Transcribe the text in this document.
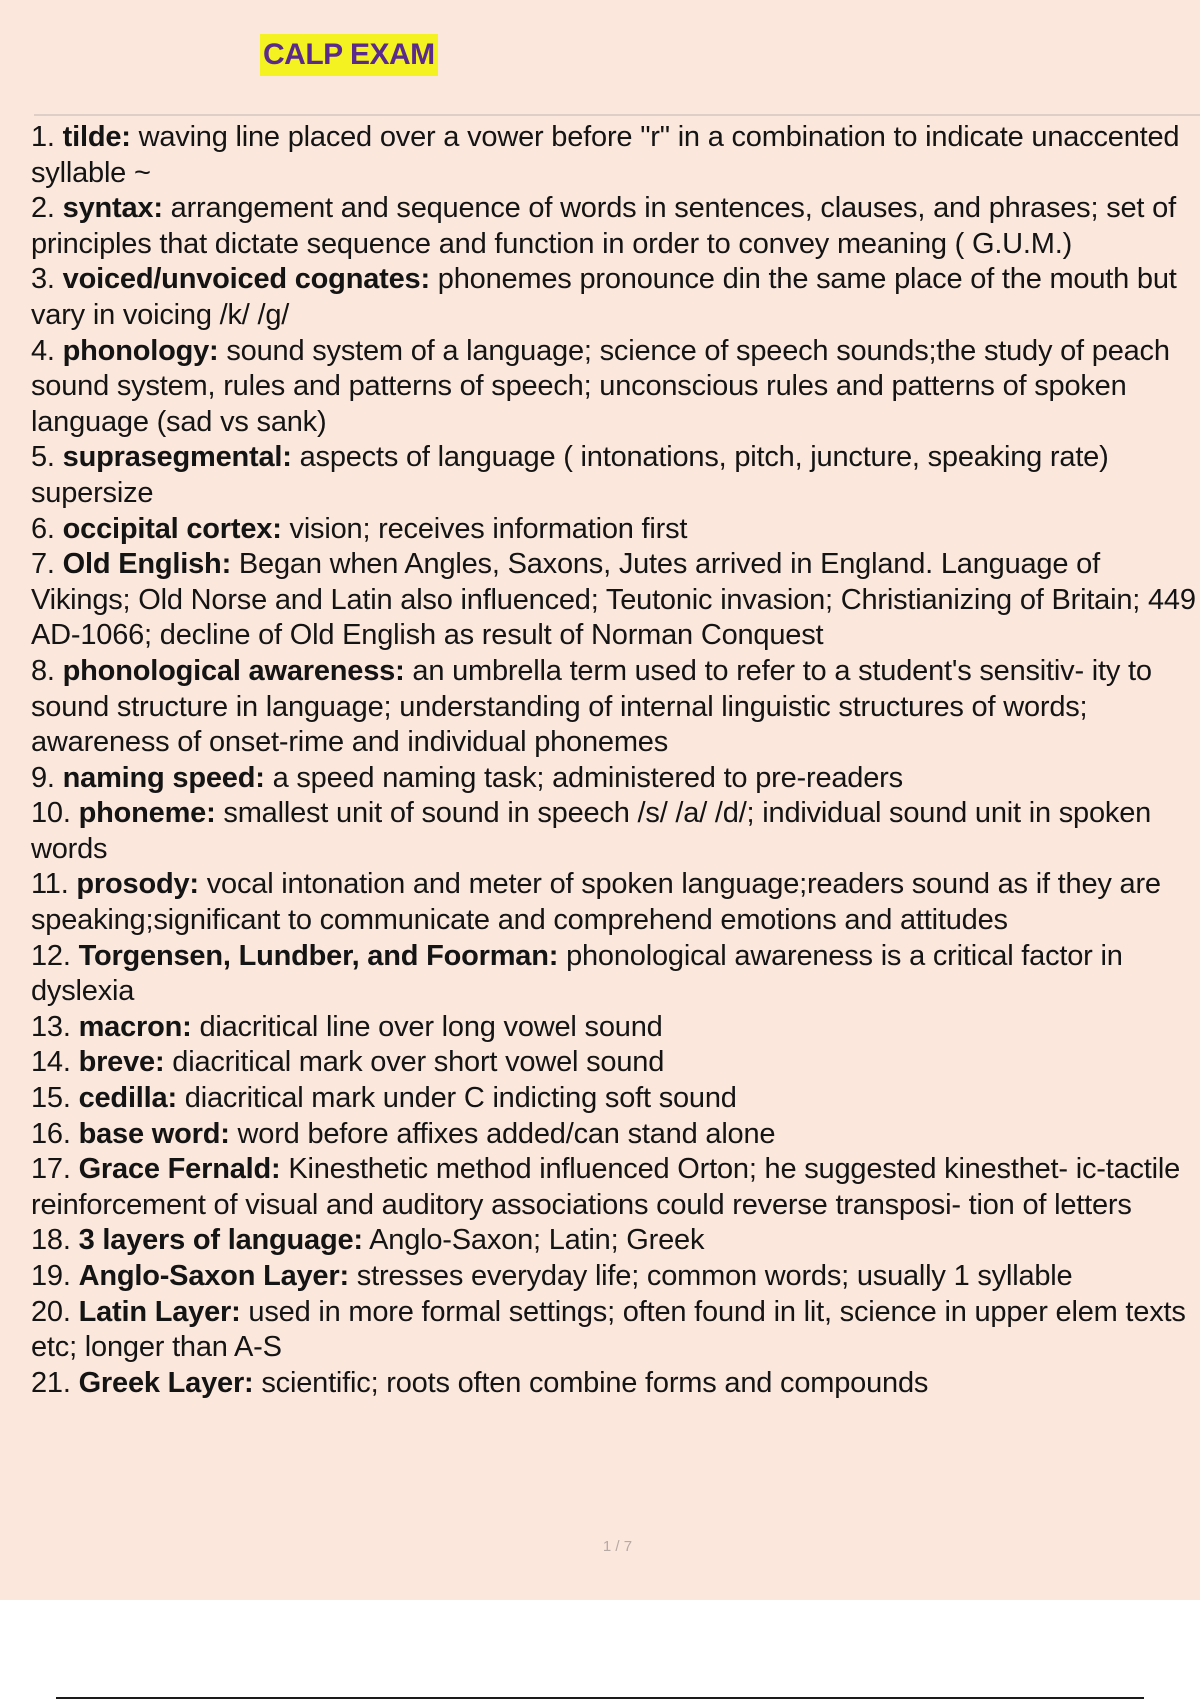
CALP EXAM
1. tilde: waving line placed over a vower before "r" in a combination to indicate unaccented syllable ~
2. syntax: arrangement and sequence of words in sentences, clauses, and phrases; set of principles that dictate sequence and function in order to convey meaning ( G.U.M.)
3. voiced/unvoiced cognates: phonemes pronounce din the same place of the mouth but vary in voicing /k/ /g/
4. phonology: sound system of a language; science of speech sounds;the study of peach sound system, rules and patterns of speech; unconscious rules and patterns of spoken language (sad vs sank)
5. suprasegmental: aspects of language ( intonations, pitch, juncture, speaking rate) supersize
6. occipital cortex: vision; receives information first
7. Old English: Began when Angles, Saxons, Jutes arrived in England. Language of Vikings; Old Norse and Latin also influenced; Teutonic invasion; Christianizing of Britain; 449 AD-1066; decline of Old English as result of Norman Conquest
8. phonological awareness: an umbrella term used to refer to a student's sensitiv- ity to sound structure in language; understanding of internal linguistic structures of words; awareness of onset-rime and individual phonemes
9. naming speed: a speed naming task; administered to pre-readers
10. phoneme: smallest unit of sound in speech /s/ /a/ /d/; individual sound unit in spoken words
11. prosody: vocal intonation and meter of spoken language;readers sound as if they are speaking;significant to communicate and comprehend emotions and attitudes
12. Torgensen, Lundber, and Foorman: phonological awareness is a critical factor in dyslexia
13. macron: diacritical line over long vowel sound
14. breve: diacritical mark over short vowel sound
15. cedilla: diacritical mark under C indicting soft sound
16. base word: word before affixes added/can stand alone
17. Grace Fernald: Kinesthetic method influenced Orton; he suggested kinesthet- ic-tactile reinforcement of visual and auditory associations could reverse transposi- tion of letters
18. 3 layers of language: Anglo-Saxon; Latin; Greek
19. Anglo-Saxon Layer: stresses everyday life; common words; usually 1 syllable
20. Latin Layer: used in more formal settings; often found in lit, science in upper elem texts etc; longer than A-S
21. Greek Layer: scientific; roots often combine forms and compounds
1 / 7
